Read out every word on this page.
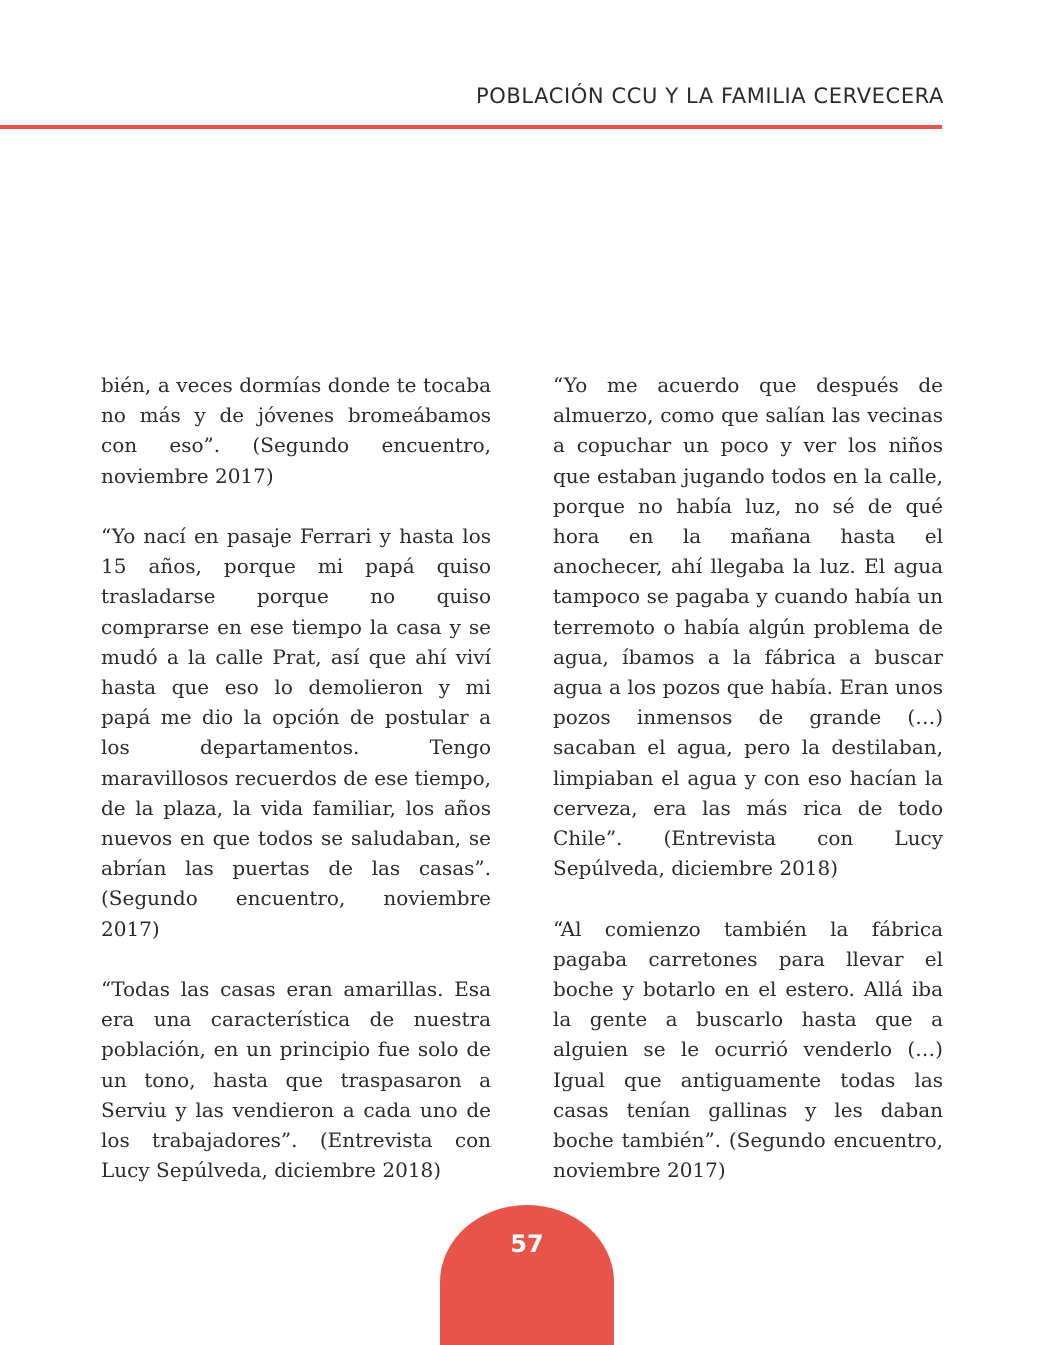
POBLACIÓN CCU Y LA FAMILIA CERVECERA

bién, a veces dormías donde te tocaba no más y de jóvenes bromeábamos con eso”. (Segundo encuentro, noviembre 2017)

“Yo nací en pasaje Ferrari y hasta los 15 años, porque mi papá quiso trasladarse porque no quiso comprarse en ese tiempo la casa y se mudó a la calle Prat, así que ahí viví hasta que eso lo demolieron y mi papá me dio la opción de postular a los departamentos. Tengo maravillosos recuerdos de ese tiempo, de la plaza, la vida familiar, los años nuevos en que todos se saludaban, se abrían las puertas de las casas”. (Segundo encuentro, noviembre 2017)

“Todas las casas eran amarillas. Esa era una característica de nuestra población, en un principio fue solo de un tono, hasta que traspasaron a Serviu y las vendieron a cada uno de los trabajadores”. (Entrevista con Lucy Sepúlveda, diciembre 2018)

“Yo me acuerdo que después de almuerzo, como que salían las vecinas a copuchar un poco y ver los niños que estaban jugando todos en la calle, porque no había luz, no sé de qué hora en la mañana hasta el anochecer, ahí llegaba la luz. El agua tampoco se pagaba y cuando había un terremoto o había algún problema de agua, íbamos a la fábrica a buscar agua a los pozos que había. Eran unos pozos inmensos de grande (…) sacaban el agua, pero la destilaban, limpiaban el agua y con eso hacían la cerveza, era las más rica de todo Chile”. (Entrevista con Lucy Sepúlveda, diciembre 2018)

“Al comienzo también la fábrica pagaba carretones para llevar el boche y botarlo en el estero. Allá iba la gente a buscarlo hasta que a alguien se le ocurrió venderlo (…) Igual que antiguamente todas las casas tenían gallinas y les daban boche también”. (Segundo encuentro, noviembre 2017)

57
